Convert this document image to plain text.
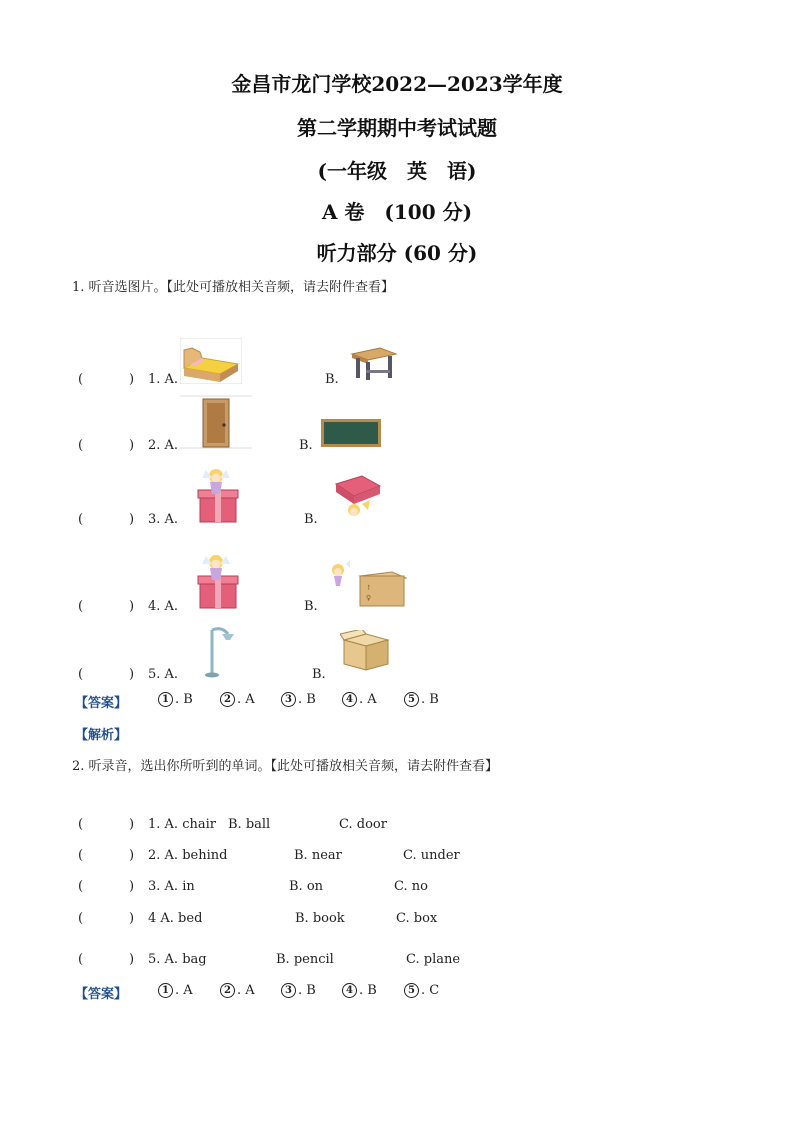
金昌市龙门学校2022—2023学年度
第二学期期中考试试题
(一年级　英　语)
A 卷　(100 分)
听力部分 (60 分)
1. 听音选图片。【此处可播放相关音频，请去附件查看】
(	) 1. A.	B.
(	) 2. A.	B.
(	) 3. A.	B.
(	) 4. A.	B.
↑
♀
(	) 5. A.	B.
【答案】	1 . B	2 . A	3 . B	4 . A	5 . B
【解析】
2. 听录音，选出你所听到的单词。【此处可播放相关音频，请去附件查看】
(	) 1. A. chair B. ball	C. door
(	) 2. A. behind	B. near	C. under
(	) 3. A. in	B. on	C. no
(	) 4 A. bed	B. book	C. box
(	) 5. A. bag	B. pencil	C. plane
【答案】	1 . A	2 . A	3 . B	4 . B	5 . C
